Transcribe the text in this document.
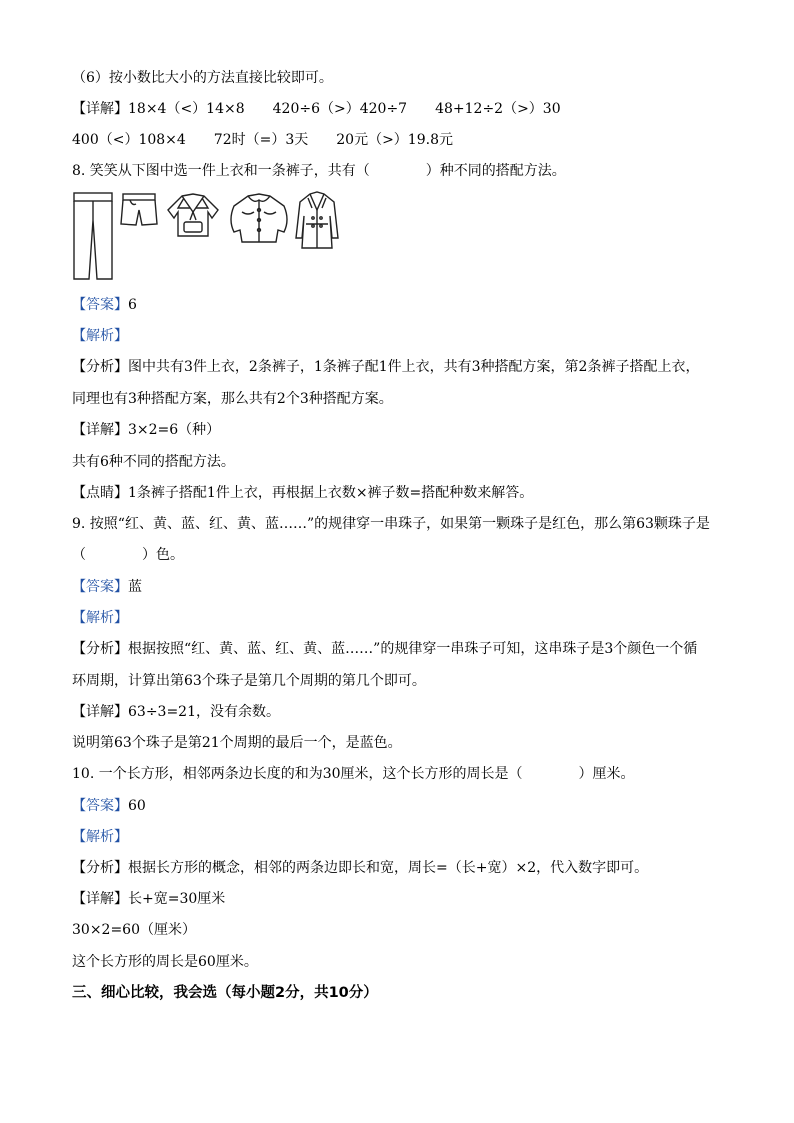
（6）按小数比大小的方法直接比较即可。
【详解】18×4（<）14×8　　420÷6（>）420÷7　　48+12÷2（>）30
400（<）108×4　　72时（=）3天　　20元（>）19.8元
8. 笑笑从下图中选一件上衣和一条裤子，共有（　　　　）种不同的搭配方法。
【答案】6
【解析】
【分析】图中共有3件上衣，2条裤子，1条裤子配1件上衣，共有3种搭配方案，第2条裤子搭配上衣，
同理也有3种搭配方案，那么共有2个3种搭配方案。
【详解】3×2=6（种）
共有6种不同的搭配方法。
【点睛】1条裤子搭配1件上衣，再根据上衣数×裤子数=搭配种数来解答。
9. 按照“红、黄、蓝、红、黄、蓝……”的规律穿一串珠子，如果第一颗珠子是红色，那么第63颗珠子是
（　　　　）色。
【答案】蓝
【解析】
【分析】根据按照“红、黄、蓝、红、黄、蓝……”的规律穿一串珠子可知，这串珠子是3个颜色一个循
环周期，计算出第63个珠子是第几个周期的第几个即可。
【详解】63÷3=21，没有余数。
说明第63个珠子是第21个周期的最后一个，是蓝色。
10. 一个长方形，相邻两条边长度的和为30厘米，这个长方形的周长是（　　　　）厘米。
【答案】60
【解析】
【分析】根据长方形的概念，相邻的两条边即长和宽，周长=（长+宽）×2，代入数字即可。
【详解】长+宽=30厘米
30×2=60（厘米）
这个长方形的周长是60厘米。
三、细心比较，我会选（每小题2分，共10分）
